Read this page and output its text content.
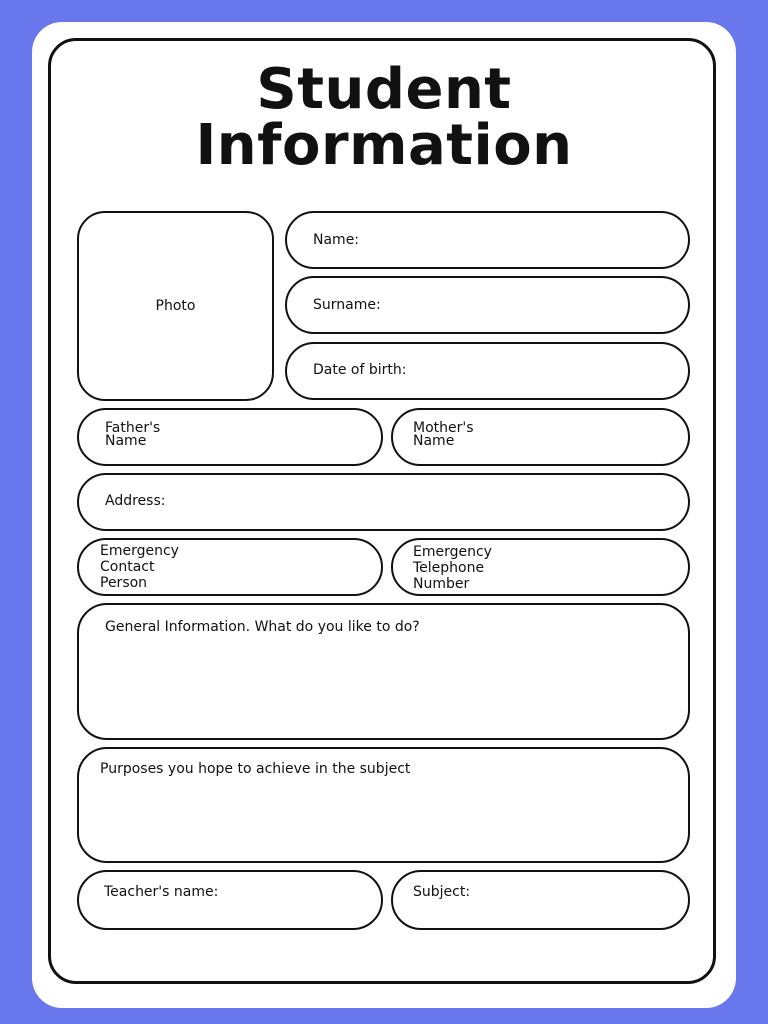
Student
Information
Photo
Name:
Surname:
Date of birth:
Father's
Name
Mother's
Name
Address:
Emergency
Contact
Person
Emergency
Telephone
Number
General Information. What do you like to do?
Purposes you hope to achieve in the subject
Teacher's name:	Subject:
